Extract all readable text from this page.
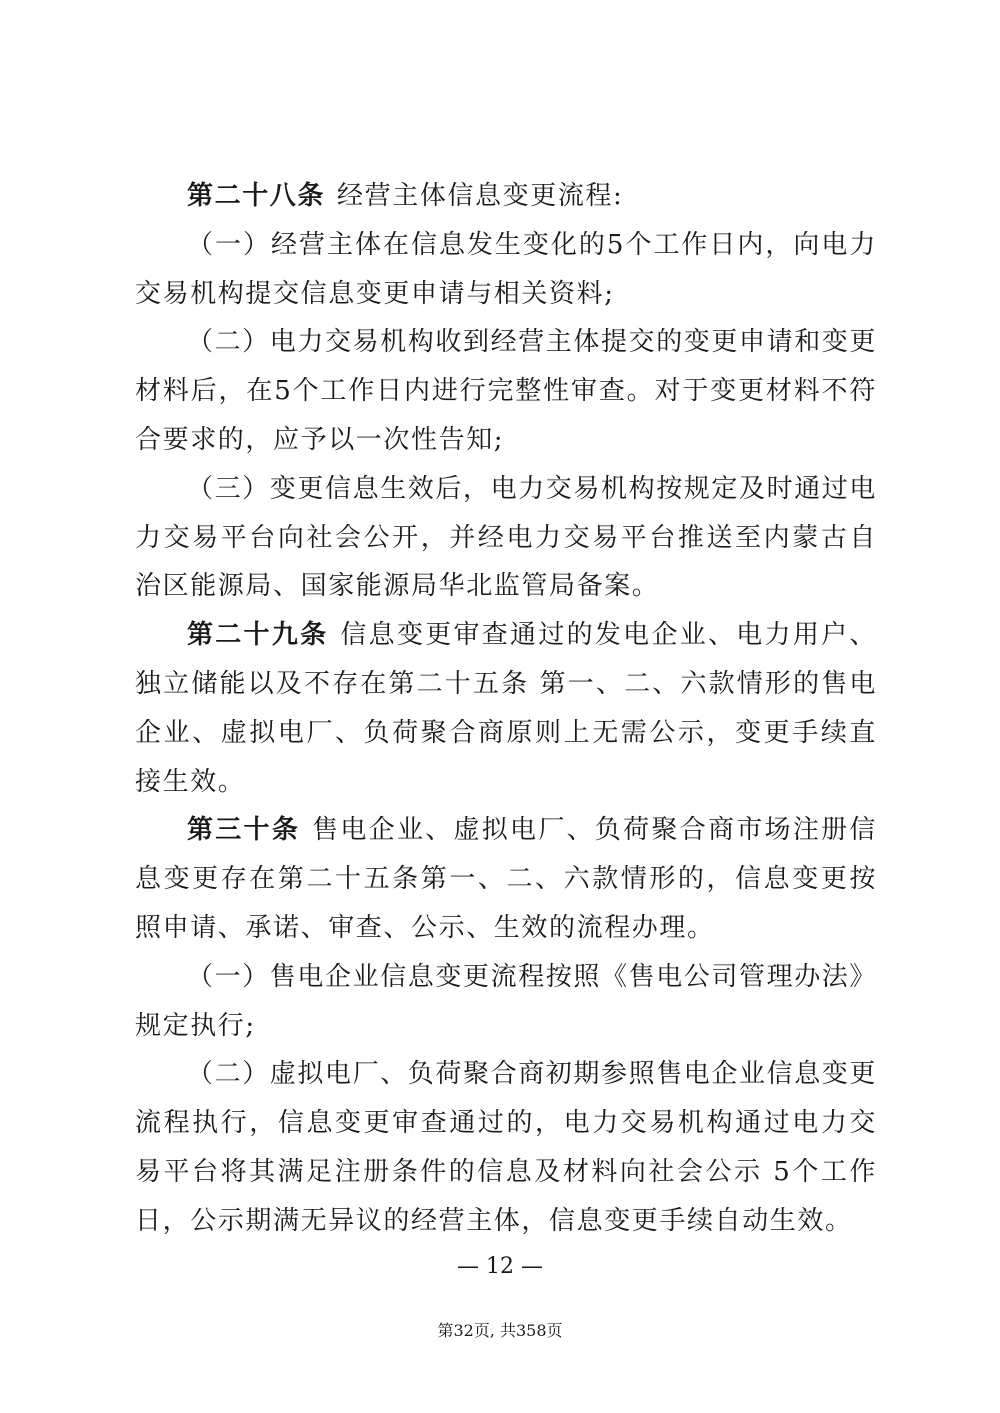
第二十八条 经营主体信息变更流程:

（一）经营主体在信息发生变化的5个工作日内，向电力交易机构提交信息变更申请与相关资料;

（二）电力交易机构收到经营主体提交的变更申请和变更材料后，在5个工作日内进行完整性审查。对于变更材料不符合要求的，应予以一次性告知;

（三）变更信息生效后，电力交易机构按规定及时通过电力交易平台向社会公开，并经电力交易平台推送至内蒙古自治区能源局、国家能源局华北监管局备案。

第二十九条 信息变更审查通过的发电企业、电力用户、独立储能以及不存在第二十五条 第一、二、六款情形的售电企业、虚拟电厂、负荷聚合商原则上无需公示，变更手续直接生效。

第三十条 售电企业、虚拟电厂、负荷聚合商市场注册信息变更存在第二十五条第一、二、六款情形的，信息变更按照申请、承诺、审查、公示、生效的流程办理。

（一）售电企业信息变更流程按照《售电公司管理办法》规定执行;

（二）虚拟电厂、负荷聚合商初期参照售电企业信息变更流程执行，信息变更审查通过的，电力交易机构通过电力交易平台将其满足注册条件的信息及材料向社会公示 5个工作日，公示期满无异议的经营主体，信息变更手续自动生效。

— 12 —
第32页, 共358页
